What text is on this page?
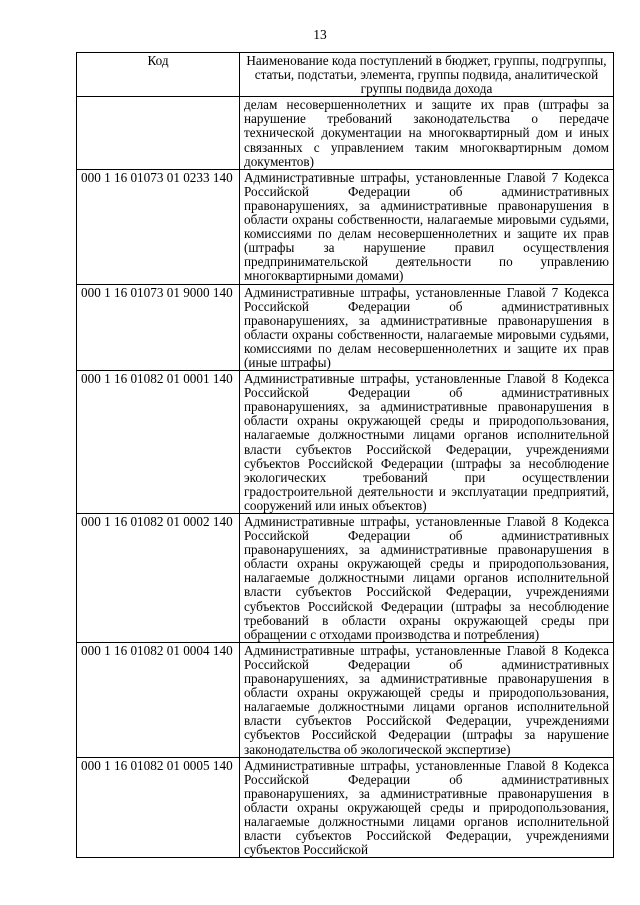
13
Код	Наименование кода поступлений в бюджет, группы, подгруппы, статьи, подстатьи, элемента, группы подвида, аналитической группы подвида дохода
	делам несовершеннолетних и защите их прав (штрафы за нарушение требований законодательства о передаче технической документации на многоквартирный дом и иных связанных с управлением таким многоквартирным домом документов)
000 1 16 01073 01 0233 140	Административные штрафы, установленные Главой 7 Кодекса Российской Федерации об административных правонарушениях, за административные правонарушения в области охраны собственности, налагаемые мировыми судьями, комиссиями по делам несовершеннолетних и защите их прав (штрафы за нарушение правил осуществления предпринимательской деятельности по управлению многоквартирными домами)
000 1 16 01073 01 9000 140	Административные штрафы, установленные Главой 7 Кодекса Российской Федерации об административных правонарушениях, за административные правонарушения в области охраны собственности, налагаемые мировыми судьями, комиссиями по делам несовершеннолетних и защите их прав (иные штрафы)
000 1 16 01082 01 0001 140	Административные штрафы, установленные Главой 8 Кодекса Российской Федерации об административных правонарушениях, за административные правонарушения в области охраны окружающей среды и природопользования, налагаемые должностными лицами органов исполнительной власти субъектов Российской Федерации, учреждениями субъектов Российской Федерации (штрафы за несоблюдение экологических требований при осуществлении градостроительной деятельности и эксплуатации предприятий, сооружений или иных объектов)
000 1 16 01082 01 0002 140	Административные штрафы, установленные Главой 8 Кодекса Российской Федерации об административных правонарушениях, за административные правонарушения в области охраны окружающей среды и природопользования, налагаемые должностными лицами органов исполнительной власти субъектов Российской Федерации, учреждениями субъектов Российской Федерации (штрафы за несоблюдение требований в области охраны окружающей среды при обращении с отходами производства и потребления)
000 1 16 01082 01 0004 140	Административные штрафы, установленные Главой 8 Кодекса Российской Федерации об административных правонарушениях, за административные правонарушения в области охраны окружающей среды и природопользования, налагаемые должностными лицами органов исполнительной власти субъектов Российской Федерации, учреждениями субъектов Российской Федерации (штрафы за нарушение законодательства об экологической экспертизе)
000 1 16 01082 01 0005 140	Административные штрафы, установленные Главой 8 Кодекса Российской Федерации об административных правонарушениях, за административные правонарушения в области охраны окружающей среды и природопользования, налагаемые должностными лицами органов исполнительной власти субъектов Российской Федерации, учреждениями субъектов Российской
